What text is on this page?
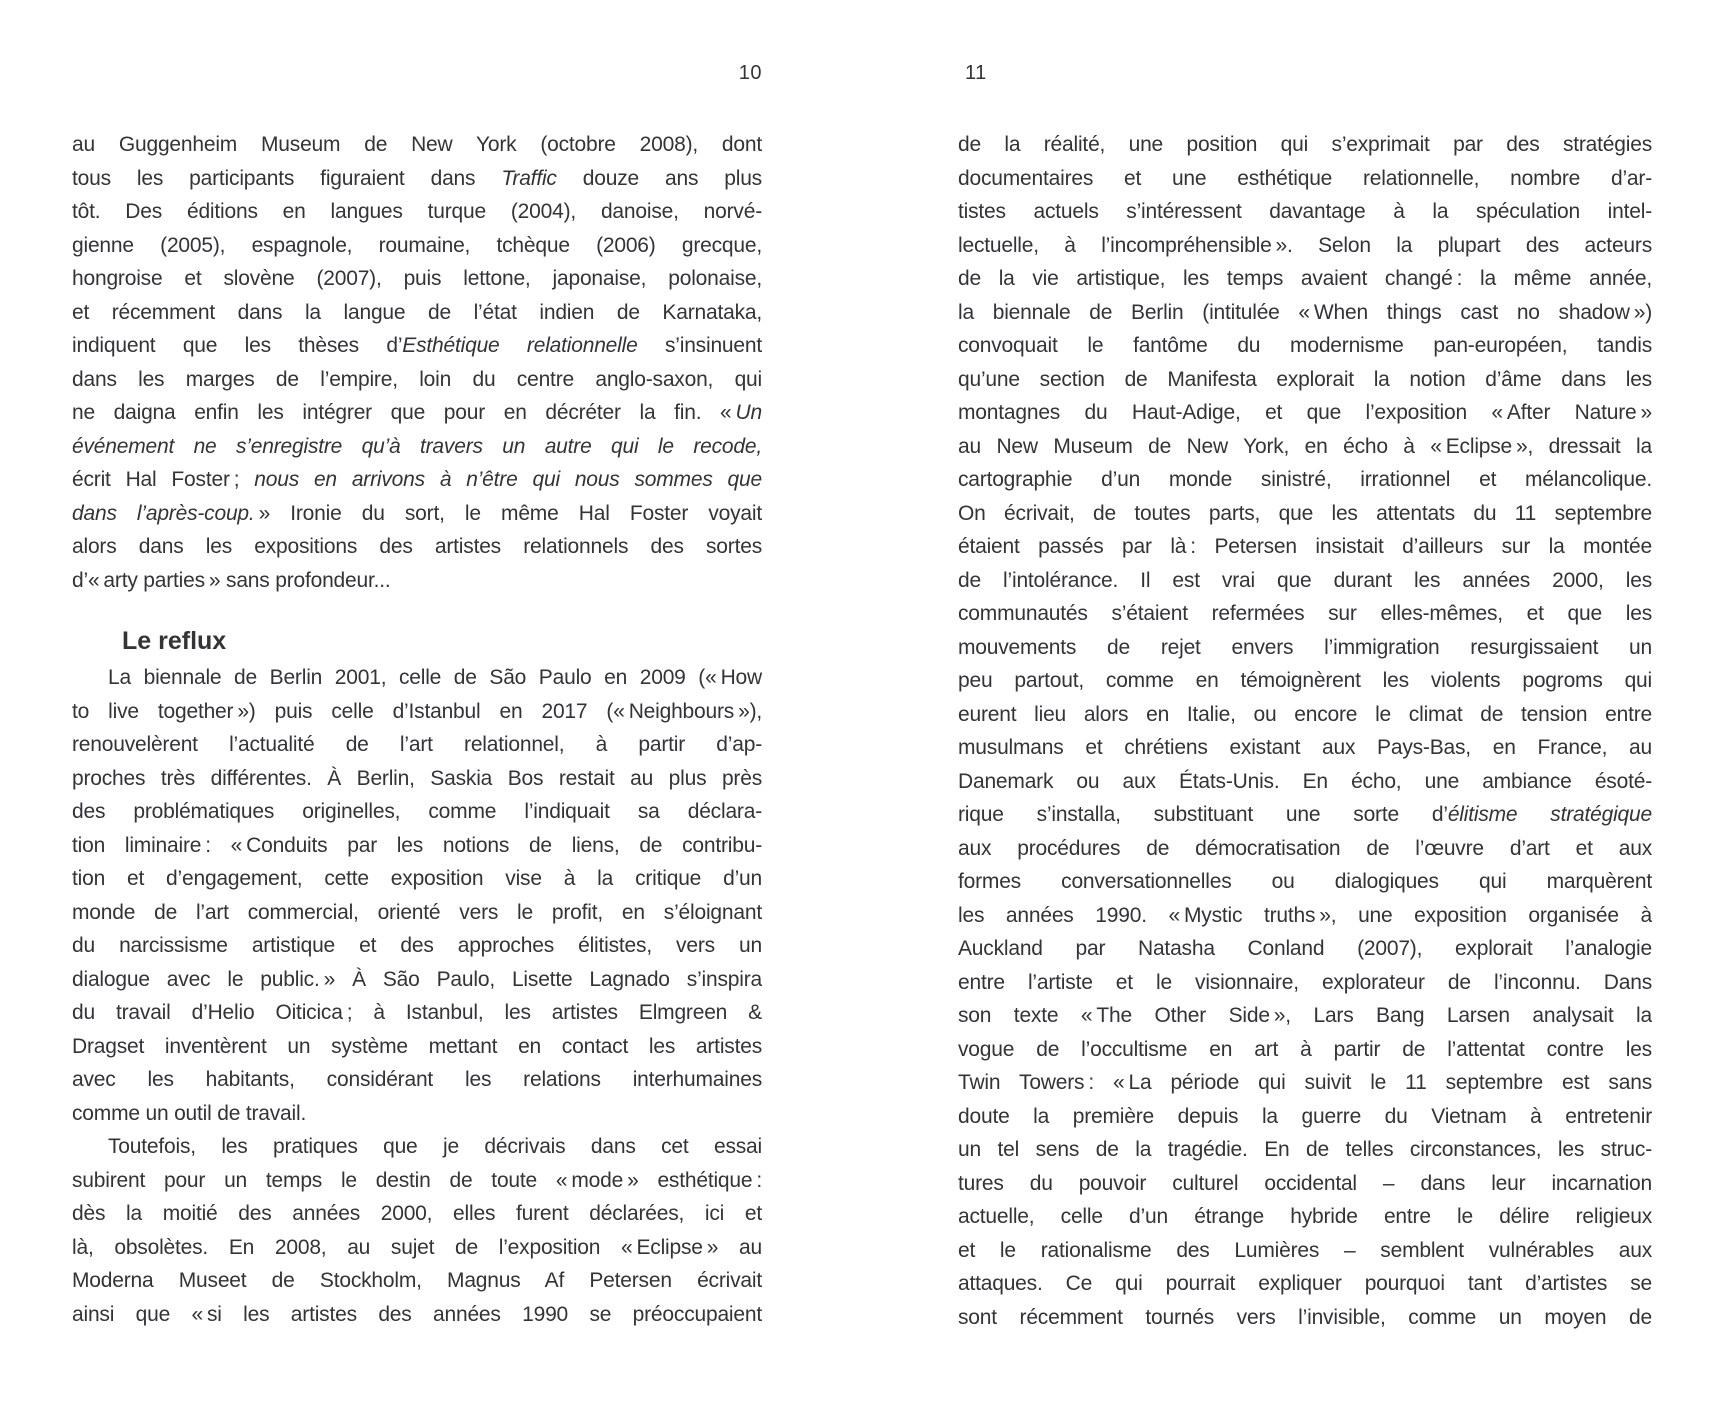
10	11
au Guggenheim Museum de New York (octobre 2008), dont
tous les participants figuraient dans Traffic douze ans plus
tôt. Des éditions en langues turque (2004), danoise, norvé-
gienne (2005), espagnole, roumaine, tchèque (2006) grecque,
hongroise et slovène (2007), puis lettone, japonaise, polonaise,
et récemment dans la langue de l’état indien de Karnataka,
indiquent que les thèses d’Esthétique relationnelle s’insinuent
dans les marges de l’empire, loin du centre anglo-saxon, qui
ne daigna enfin les intégrer que pour en décréter la fin. « Un
événement ne s’enregistre qu’à travers un autre qui le recode,
écrit Hal Foster ; nous en arrivons à n’être qui nous sommes que
dans l’après-coup. » Ironie du sort, le même Hal Foster voyait
alors dans les expositions des artistes relationnels des sortes
d’« arty parties » sans profondeur...
Le reflux
La biennale de Berlin 2001, celle de São Paulo en 2009 (« How
to live together ») puis celle d’Istanbul en 2017 (« Neighbours »),
renouvelèrent l’actualité de l’art relationnel, à partir d’ap-
proches très différentes. À Berlin, Saskia Bos restait au plus près
des problématiques originelles, comme l’indiquait sa déclara-
tion liminaire : « Conduits par les notions de liens, de contribu-
tion et d’engagement, cette exposition vise à la critique d’un
monde de l’art commercial, orienté vers le profit, en s’éloignant
du narcissisme artistique et des approches élitistes, vers un
dialogue avec le public. » À São Paulo, Lisette Lagnado s’inspira
du travail d’Helio Oiticica ; à Istanbul, les artistes Elmgreen &
Dragset inventèrent un système mettant en contact les artistes
avec les habitants, considérant les relations interhumaines
comme un outil de travail.
Toutefois, les pratiques que je décrivais dans cet essai
subirent pour un temps le destin de toute « mode » esthétique :
dès la moitié des années 2000, elles furent déclarées, ici et
là, obsolètes. En 2008, au sujet de l’exposition « Eclipse » au
Moderna Museet de Stockholm, Magnus Af Petersen écrivait
ainsi que « si les artistes des années 1990 se préoccupaient
de la réalité, une position qui s’exprimait par des stratégies
documentaires et une esthétique relationnelle, nombre d’ar-
tistes actuels s’intéressent davantage à la spéculation intel-
lectuelle, à l’incompréhensible ». Selon la plupart des acteurs
de la vie artistique, les temps avaient changé : la même année,
la biennale de Berlin (intitulée « When things cast no shadow »)
convoquait le fantôme du modernisme pan-européen, tandis
qu’une section de Manifesta explorait la notion d’âme dans les
montagnes du Haut-Adige, et que l’exposition « After Nature »
au New Museum de New York, en écho à « Eclipse », dressait la
cartographie d’un monde sinistré, irrationnel et mélancolique.
On écrivait, de toutes parts, que les attentats du 11 septembre
étaient passés par là : Petersen insistait d’ailleurs sur la montée
de l’intolérance. Il est vrai que durant les années 2000, les
communautés s’étaient refermées sur elles-mêmes, et que les
mouvements de rejet envers l’immigration resurgissaient un
peu partout, comme en témoignèrent les violents pogroms qui
eurent lieu alors en Italie, ou encore le climat de tension entre
musulmans et chrétiens existant aux Pays-Bas, en France, au
Danemark ou aux États-Unis. En écho, une ambiance ésoté-
rique s’installa, substituant une sorte d’élitisme stratégique
aux procédures de démocratisation de l’œuvre d’art et aux
formes conversationnelles ou dialogiques qui marquèrent
les années 1990. « Mystic truths », une exposition organisée à
Auckland par Natasha Conland (2007), explorait l’analogie
entre l’artiste et le visionnaire, explorateur de l’inconnu. Dans
son texte « The Other Side », Lars Bang Larsen analysait la
vogue de l’occultisme en art à partir de l’attentat contre les
Twin Towers : « La période qui suivit le 11 septembre est sans
doute la première depuis la guerre du Vietnam à entretenir
un tel sens de la tragédie. En de telles circonstances, les struc-
tures du pouvoir culturel occidental – dans leur incarnation
actuelle, celle d’un étrange hybride entre le délire religieux
et le rationalisme des Lumières – semblent vulnérables aux
attaques. Ce qui pourrait expliquer pourquoi tant d’artistes se
sont récemment tournés vers l’invisible, comme un moyen de
